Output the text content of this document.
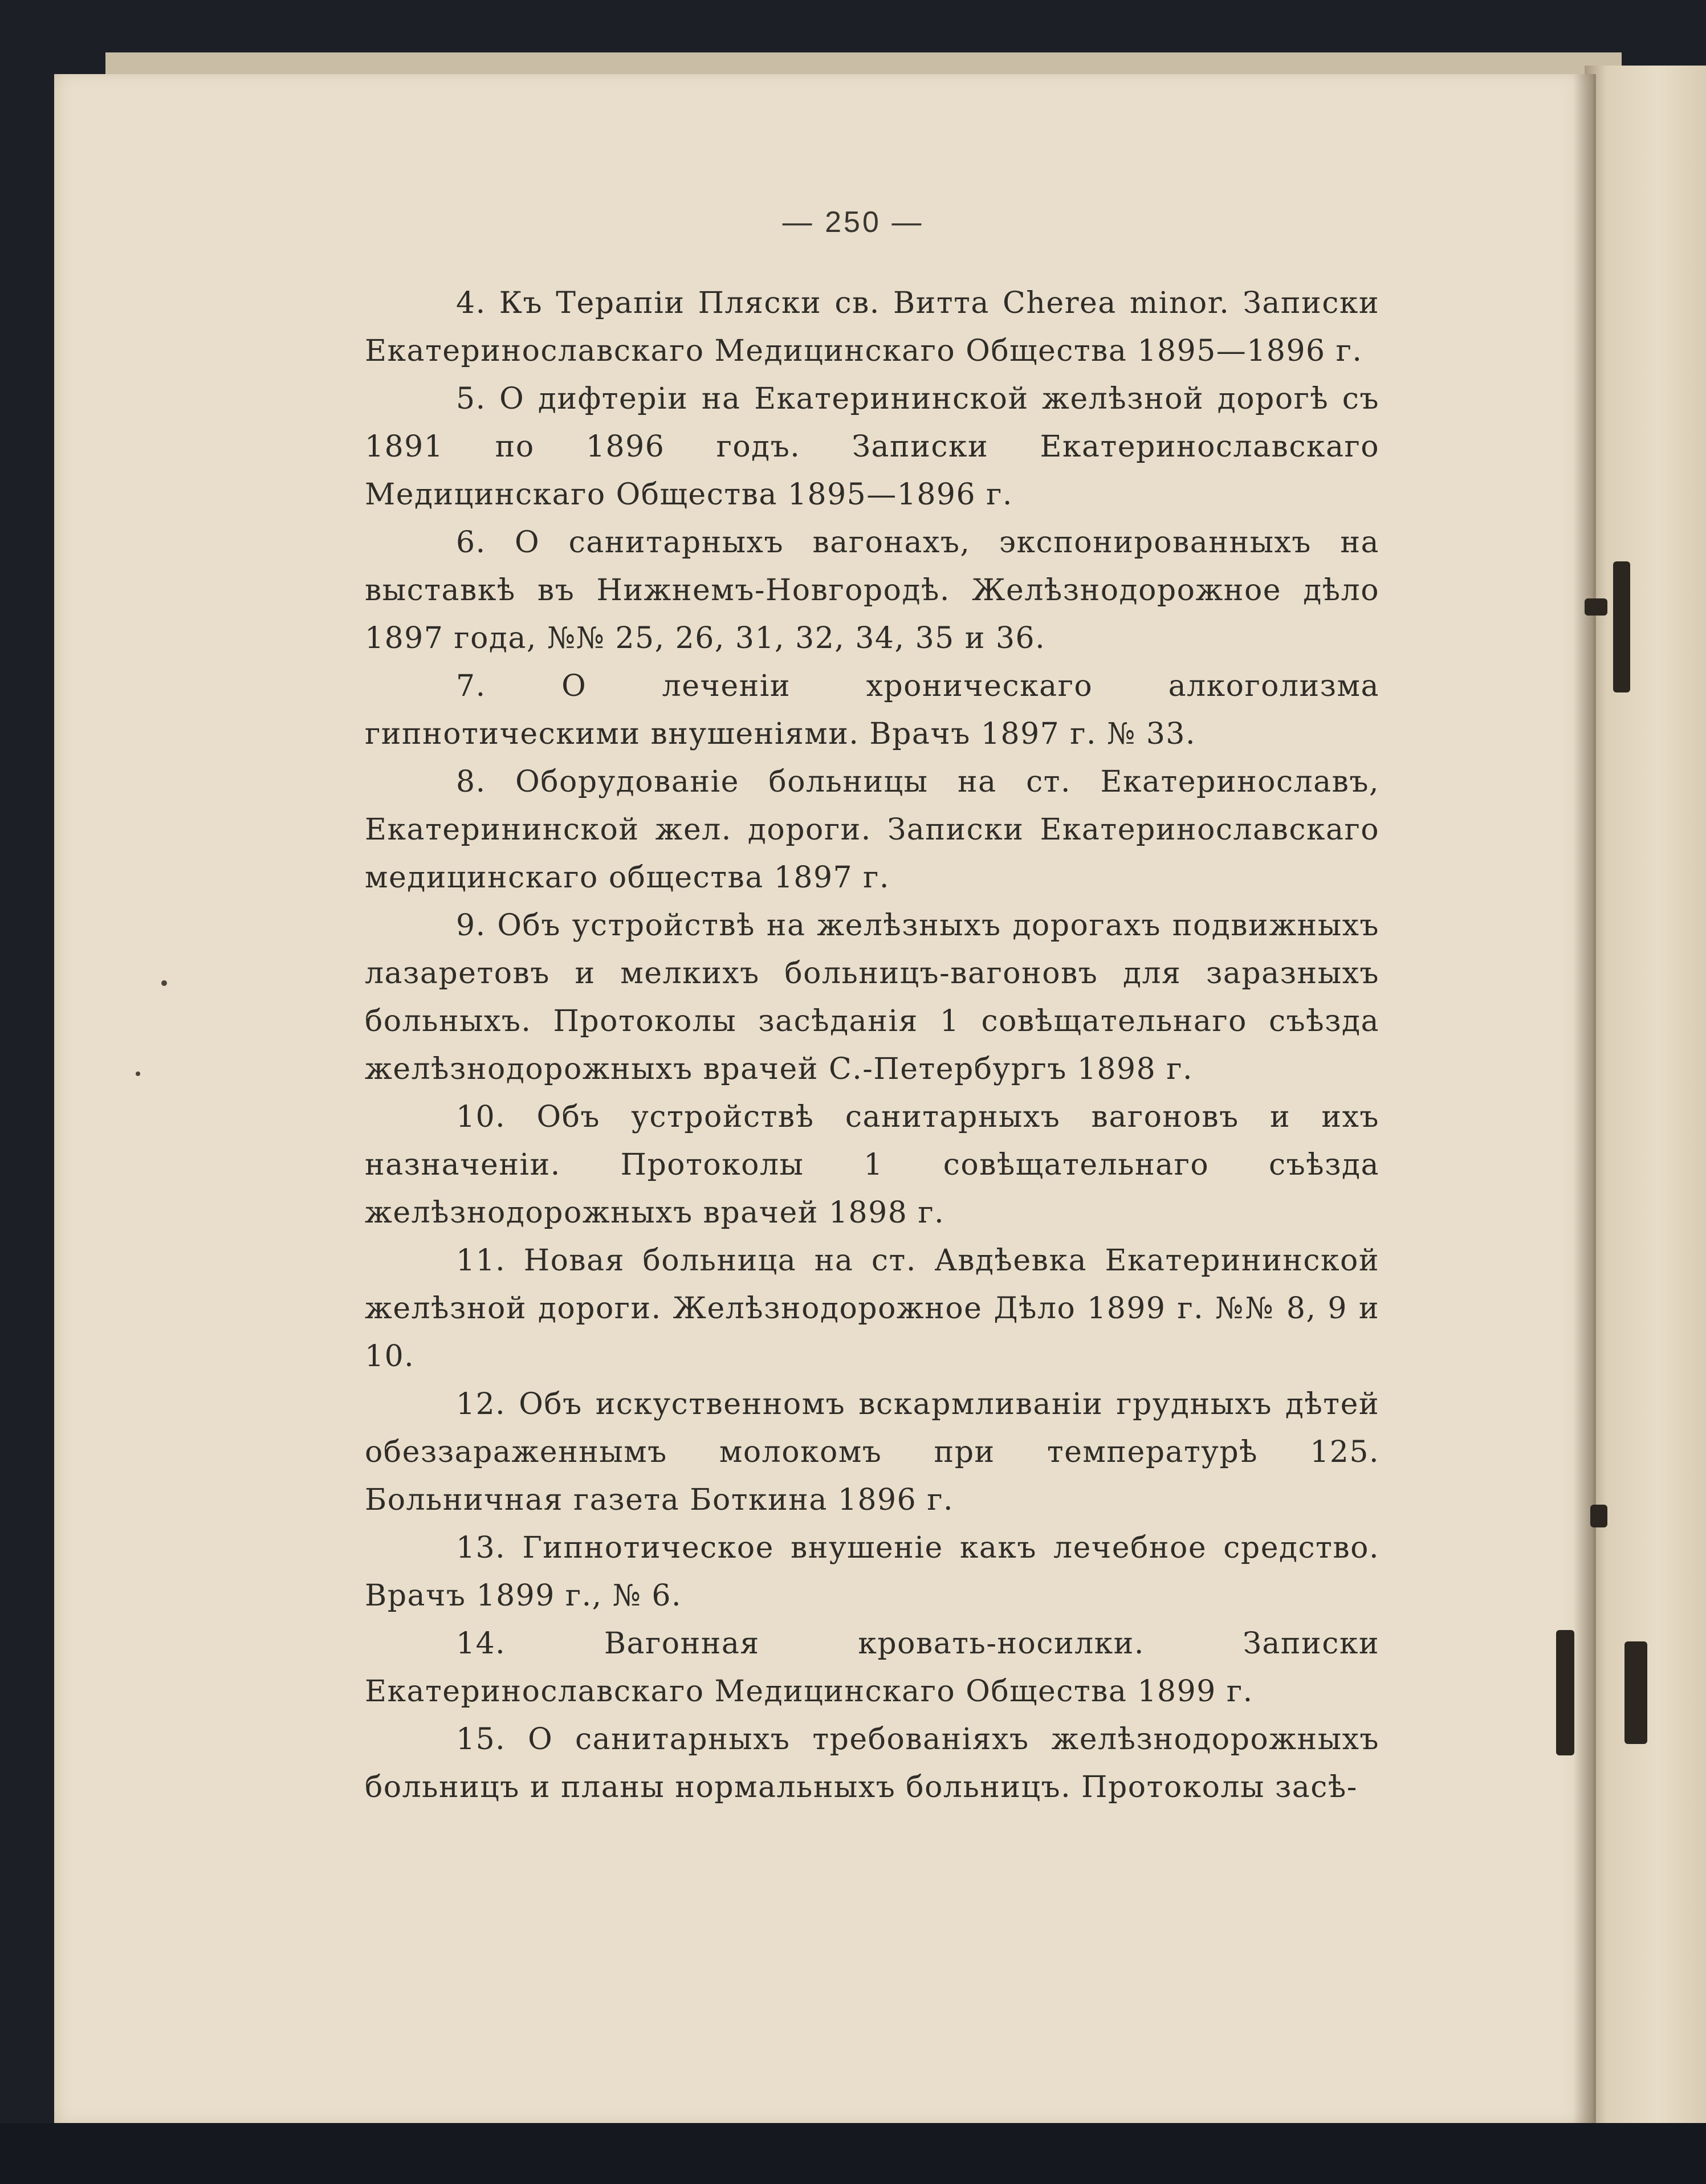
— 250 —

4. Къ Терапіи Пляски св. Витта Cherea minor. Записки Екатеринославскаго Медицинскаго Общества 1895—1896 г.

5. О дифтеріи на Екатерининской желѣзной дорогѣ съ 1891 по 1896 годъ. Записки Екатеринославскаго Медицинскаго Общества 1895—1896 г.

6. О санитарныхъ вагонахъ, экспонированныхъ на выставкѣ въ Нижнемъ-Новгородѣ. Желѣзнодорожное дѣло 1897 года, №№ 25, 26, 31, 32, 34, 35 и 36.

7. О леченіи хроническаго алкоголизма гипнотическими внушеніями. Врачъ 1897 г. № 33.

8. Оборудованіе больницы на ст. Екатеринославъ, Екатерининской жел. дороги. Записки Екатеринославскаго медицинскаго общества 1897 г.

9. Объ устройствѣ на желѣзныхъ дорогахъ подвижныхъ лазаретовъ и мелкихъ больницъ-вагоновъ для заразныхъ больныхъ. Протоколы засѣданія 1 совѣщательнаго съѣзда желѣзнодорожныхъ врачей С.-Петербургъ 1898 г.

10. Объ устройствѣ санитарныхъ вагоновъ и ихъ назначеніи. Протоколы 1 совѣщательнаго съѣзда желѣзнодорожныхъ врачей 1898 г.

11. Новая больница на ст. Авдѣевка Екатерининской желѣзной дороги. Желѣзнодорожное Дѣло 1899 г. №№ 8, 9 и 10.

12. Объ искуственномъ вскармливаніи грудныхъ дѣтей обеззараженнымъ молокомъ при температурѣ 125. Больничная газета Боткина 1896 г.

13. Гипнотическое внушеніе какъ лечебное средство. Врачъ 1899 г., № 6.

14. Вагонная кровать-носилки. Записки Екатеринославскаго Медицинскаго Общества 1899 г.

15. О санитарныхъ требованіяхъ желѣзнодорожныхъ больницъ и планы нормальныхъ больницъ. Протоколы засѣ-
